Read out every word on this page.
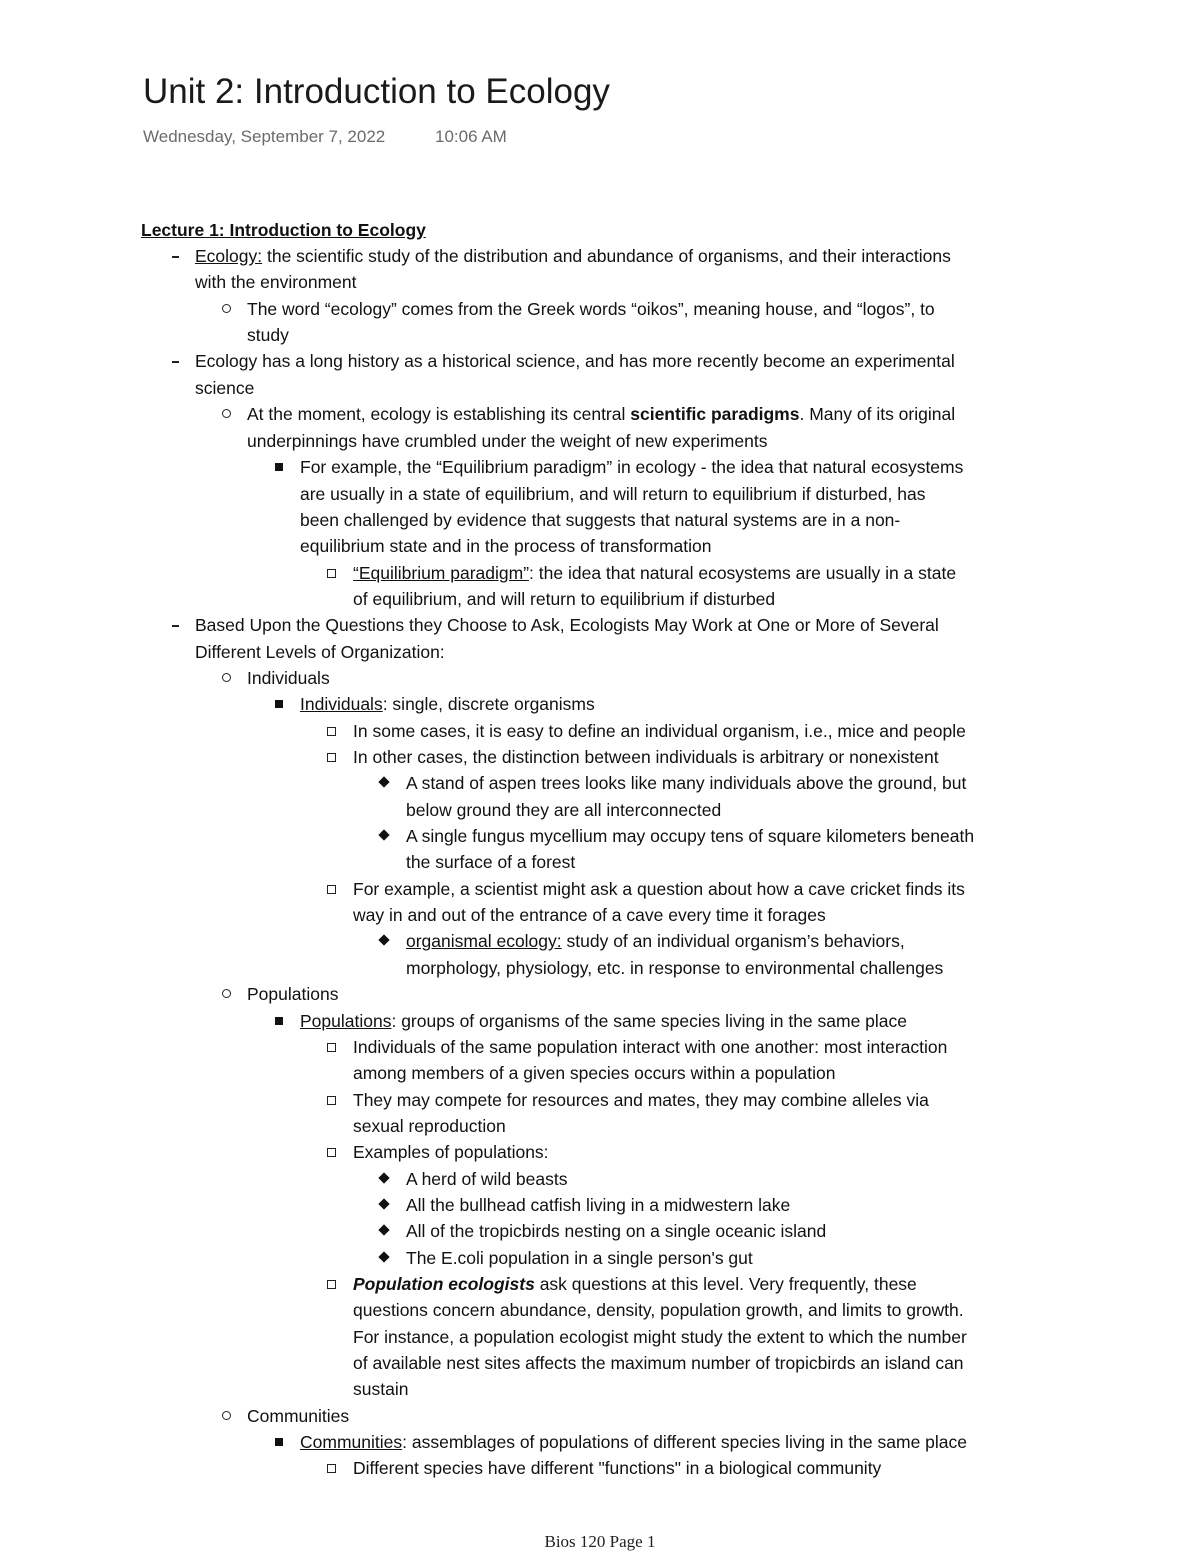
Unit 2: Introduction to Ecology
Wednesday, September 7, 2022	10:06 AM
Lecture 1: Introduction to Ecology
Ecology: the scientific study of the distribution and abundance of organisms, and their interactions
with the environment
The word “ecology” comes from the Greek words “oikos”, meaning house, and “logos”, to
study
Ecology has a long history as a historical science, and has more recently become an experimental
science
At the moment, ecology is establishing its central scientific paradigms. Many of its original
underpinnings have crumbled under the weight of new experiments
For example, the “Equilibrium paradigm” in ecology - the idea that natural ecosystems
are usually in a state of equilibrium, and will return to equilibrium if disturbed, has
been challenged by evidence that suggests that natural systems are in a non-
equilibrium state and in the process of transformation
“Equilibrium paradigm”: the idea that natural ecosystems are usually in a state
of equilibrium, and will return to equilibrium if disturbed
Based Upon the Questions they Choose to Ask, Ecologists May Work at One or More of Several
Different Levels of Organization:
Individuals
Individuals: single, discrete organisms
In some cases, it is easy to define an individual organism, i.e., mice and people
In other cases, the distinction between individuals is arbitrary or nonexistent
A stand of aspen trees looks like many individuals above the ground, but
below ground they are all interconnected
A single fungus mycellium may occupy tens of square kilometers beneath
the surface of a forest
For example, a scientist might ask a question about how a cave cricket finds its
way in and out of the entrance of a cave every time it forages
organismal ecology: study of an individual organism’s behaviors,
morphology, physiology, etc. in response to environmental challenges
Populations
Populations: groups of organisms of the same species living in the same place
Individuals of the same population interact with one another: most interaction
among members of a given species occurs within a population
They may compete for resources and mates, they may combine alleles via
sexual reproduction
Examples of populations:
A herd of wild beasts
All the bullhead catfish living in a midwestern lake
All of the tropicbirds nesting on a single oceanic island
The E.coli population in a single person's gut
Population ecologists ask questions at this level. Very frequently, these
questions concern abundance, density, population growth, and limits to growth.
For instance, a population ecologist might study the extent to which the number
of available nest sites affects the maximum number of tropicbirds an island can
sustain
Communities
Communities: assemblages of populations of different species living in the same place
Different species have different "functions" in a biological community
Bios 120 Page 1
